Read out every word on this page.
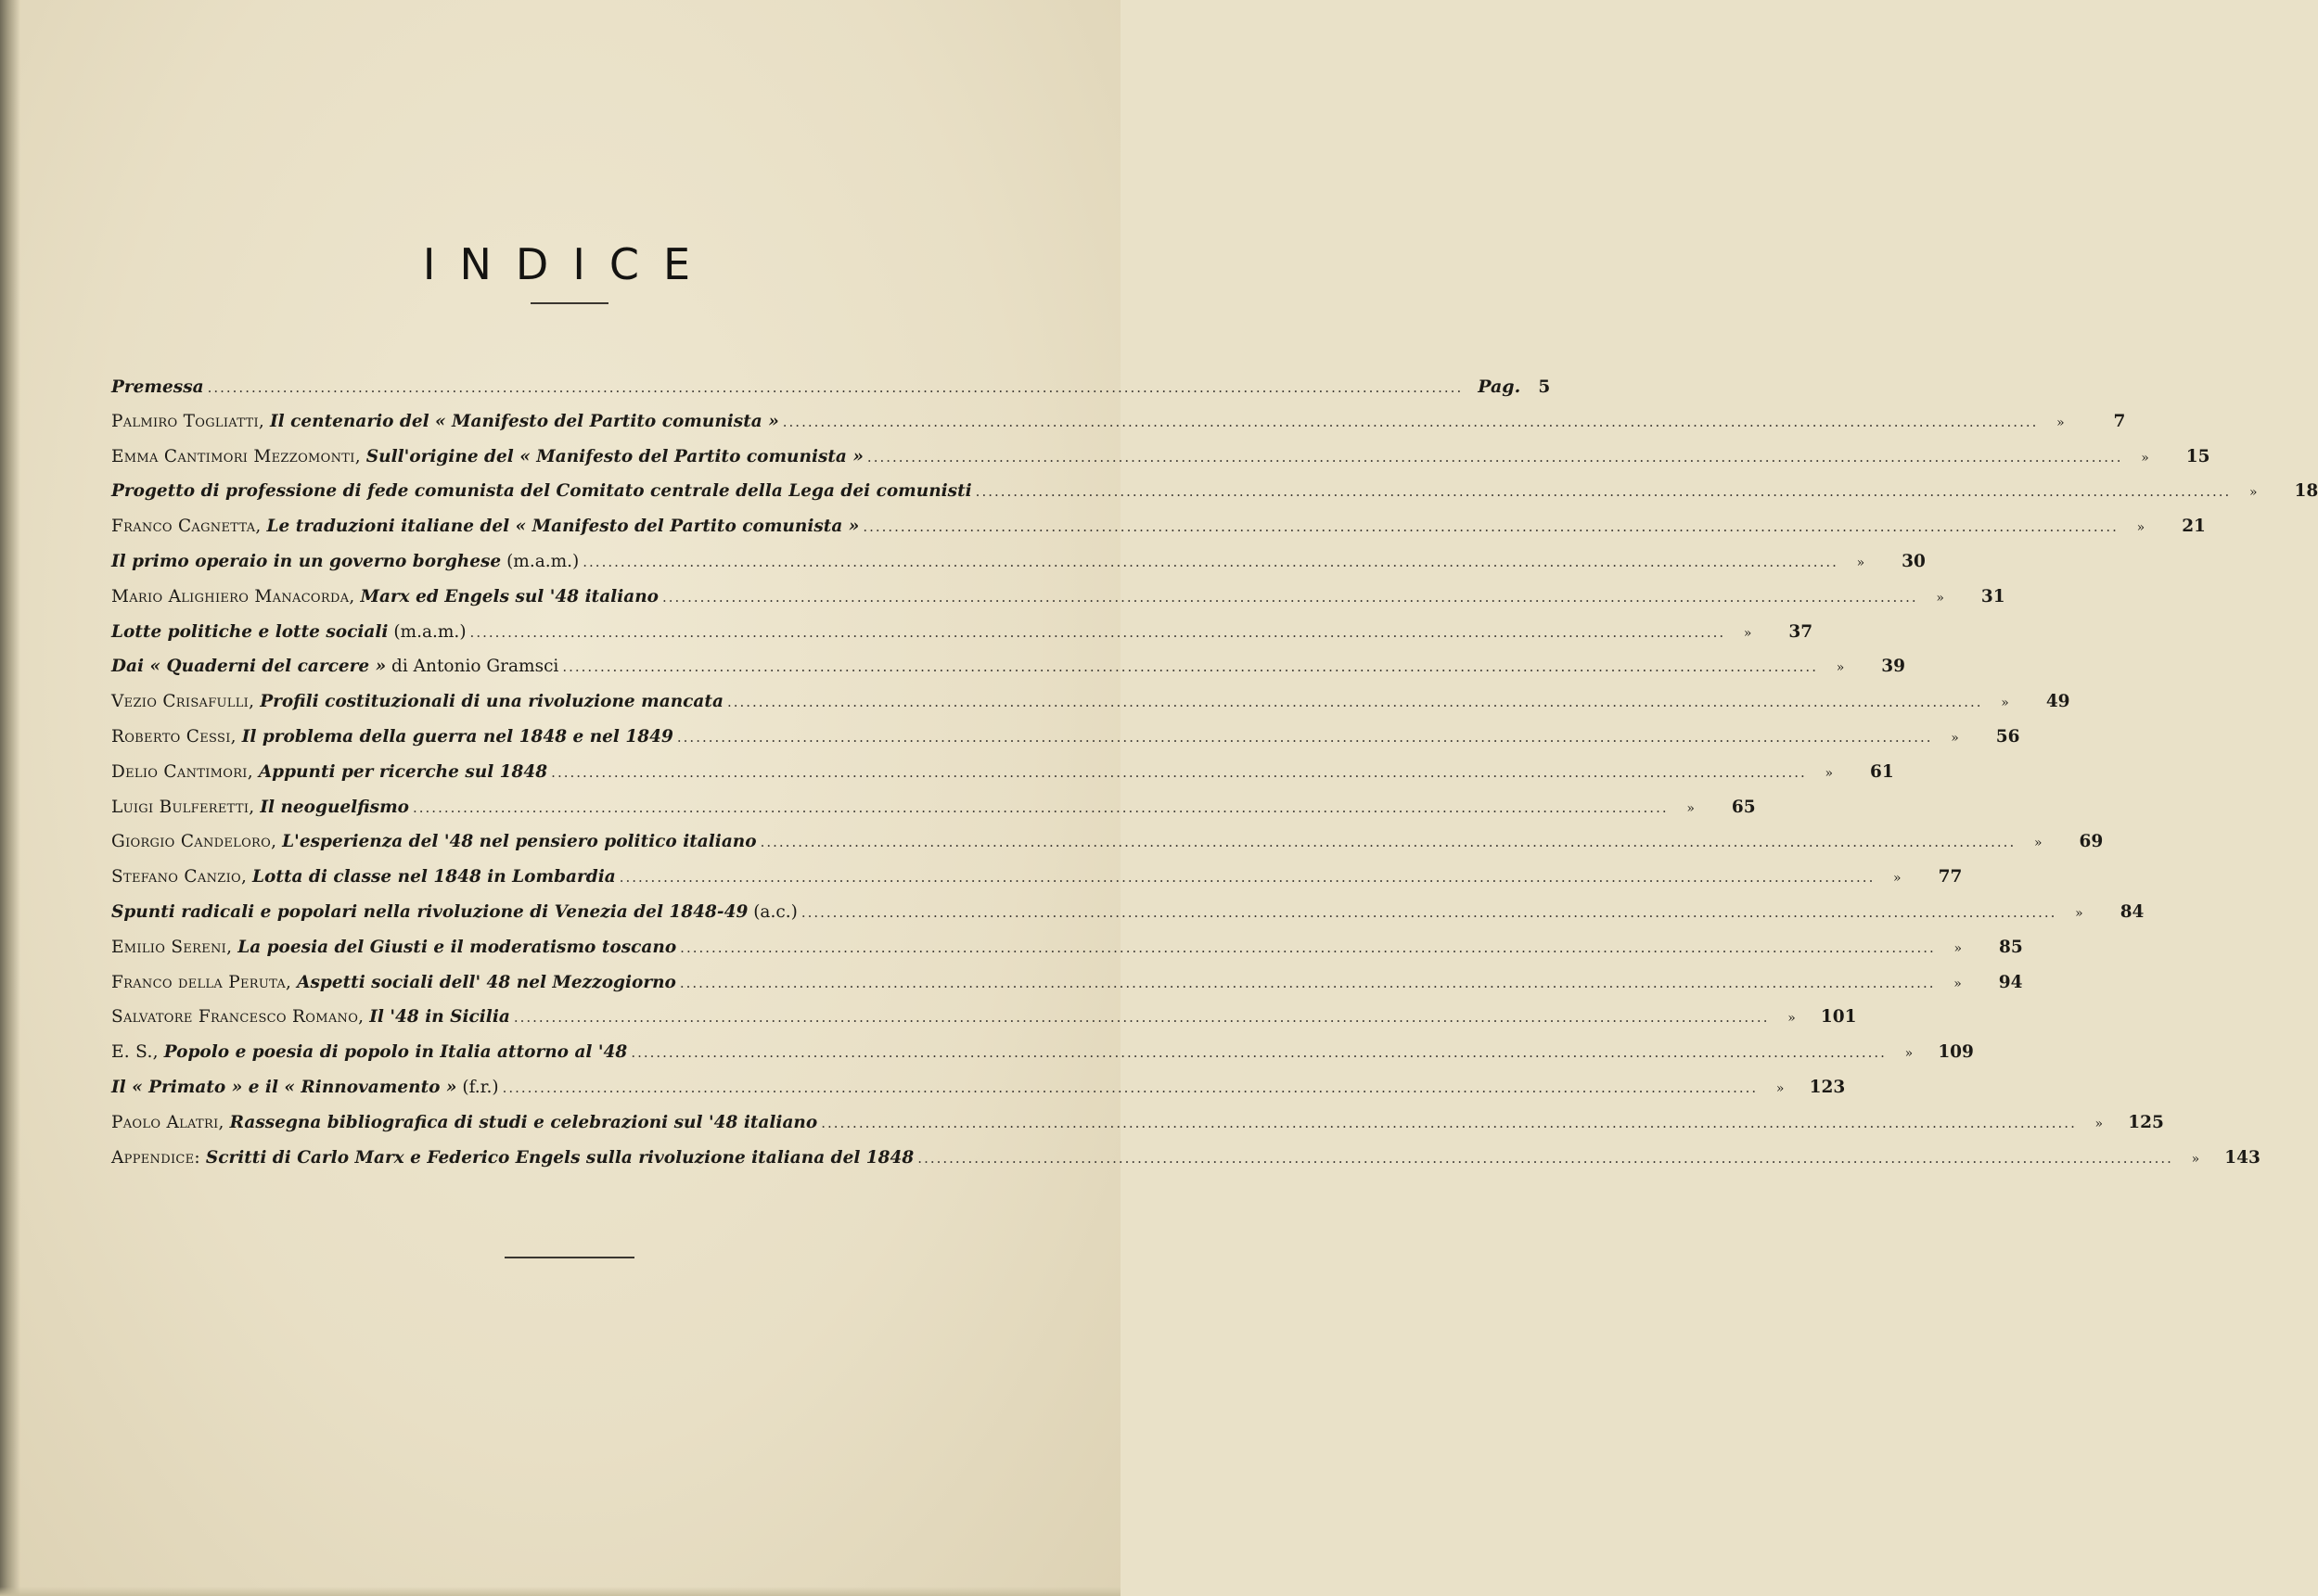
INDICE
Premessa .....	Pag.	5
Palmiro Togliatti, Il centenario del « Manifesto del Partito comunista » .....	»	7
Emma Cantimori Mezzomonti, Sull'origine del « Manifesto del Partito comunista » .....	»	15
Progetto di professione di fede comunista del Comitato centrale della Lega dei comunisti .....	»	18
Franco Cagnetta, Le traduzioni italiane del « Manifesto del Partito comunista » .....	»	21
Il primo operaio in un governo borghese (m.a.m.) .....	»	30
Mario Alighiero Manacorda, Marx ed Engels sul '48 italiano .....	»	31
Lotte politiche e lotte sociali (m.a.m.) .....	»	37
Dai « Quaderni del carcere » di Antonio Gramsci .....	»	39
Vezio Crisafulli, Profili costituzionali di una rivoluzione mancata .....	»	49
Roberto Cessi, Il problema della guerra nel 1848 e nel 1849 .....	»	56
Delio Cantimori, Appunti per ricerche sul 1848 .....	»	61
Luigi Bulferetti, Il neoguelfismo .....	»	65
Giorgio Candeloro, L'esperienza del '48 nel pensiero politico italiano .....	»	69
Stefano Canzio, Lotta di classe nel 1848 in Lombardia .....	»	77
Spunti radicali e popolari nella rivoluzione di Venezia del 1848-49 (a.c.) .....	»	84
Emilio Sereni, La poesia del Giusti e il moderatismo toscano .....	»	85
Franco della Peruta, Aspetti sociali dell' 48 nel Mezzogiorno .....	»	94
Salvatore Francesco Romano, Il '48 in Sicilia .....	»	101
E. S., Popolo e poesia di popolo in Italia attorno al '48 .....	»	109
Il « Primato » e il « Rinnovamento » (f.r.) .....	»	123
Paolo Alatri, Rassegna bibliografica di studi e celebrazioni sul '48 italiano .....	»	125
Appendice: Scritti di Carlo Marx e Federico Engels sulla rivoluzione italiana del 1848 .....	»	143
